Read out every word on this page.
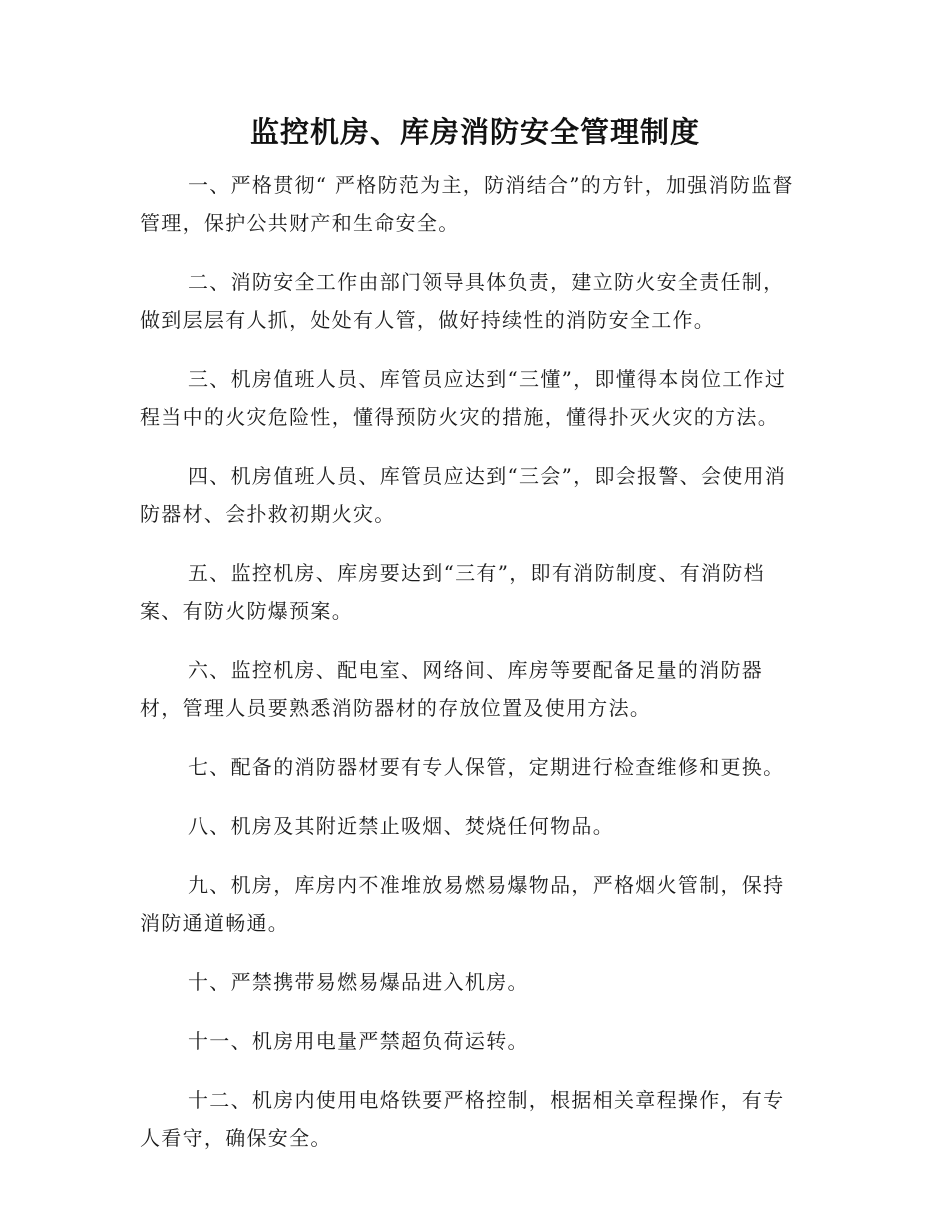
监控机房、库房消防安全管理制度

一、严格贯彻“ 严格防范为主，防消结合”的方针，加强消防监督管理，保护公共财产和生命安全。

二、消防安全工作由部门领导具体负责，建立防火安全责任制，做到层层有人抓，处处有人管，做好持续性的消防安全工作。

三、机房值班人员、库管员应达到“三懂”，即懂得本岗位工作过程当中的火灾危险性，懂得预防火灾的措施，懂得扑灭火灾的方法。

四、机房值班人员、库管员应达到“三会”，即会报警、会使用消防器材、会扑救初期火灾。

五、监控机房、库房要达到“三有”，即有消防制度、有消防档案、有防火防爆预案。

六、监控机房、配电室、网络间、库房等要配备足量的消防器材，管理人员要熟悉消防器材的存放位置及使用方法。

七、配备的消防器材要有专人保管，定期进行检查维修和更换。

八、机房及其附近禁止吸烟、焚烧任何物品。

九、机房，库房内不准堆放易燃易爆物品，严格烟火管制，保持消防通道畅通。

十、严禁携带易燃易爆品进入机房。

十一、机房用电量严禁超负荷运转。

十二、机房内使用电烙铁要严格控制，根据相关章程操作，有专人看守，确保安全。
